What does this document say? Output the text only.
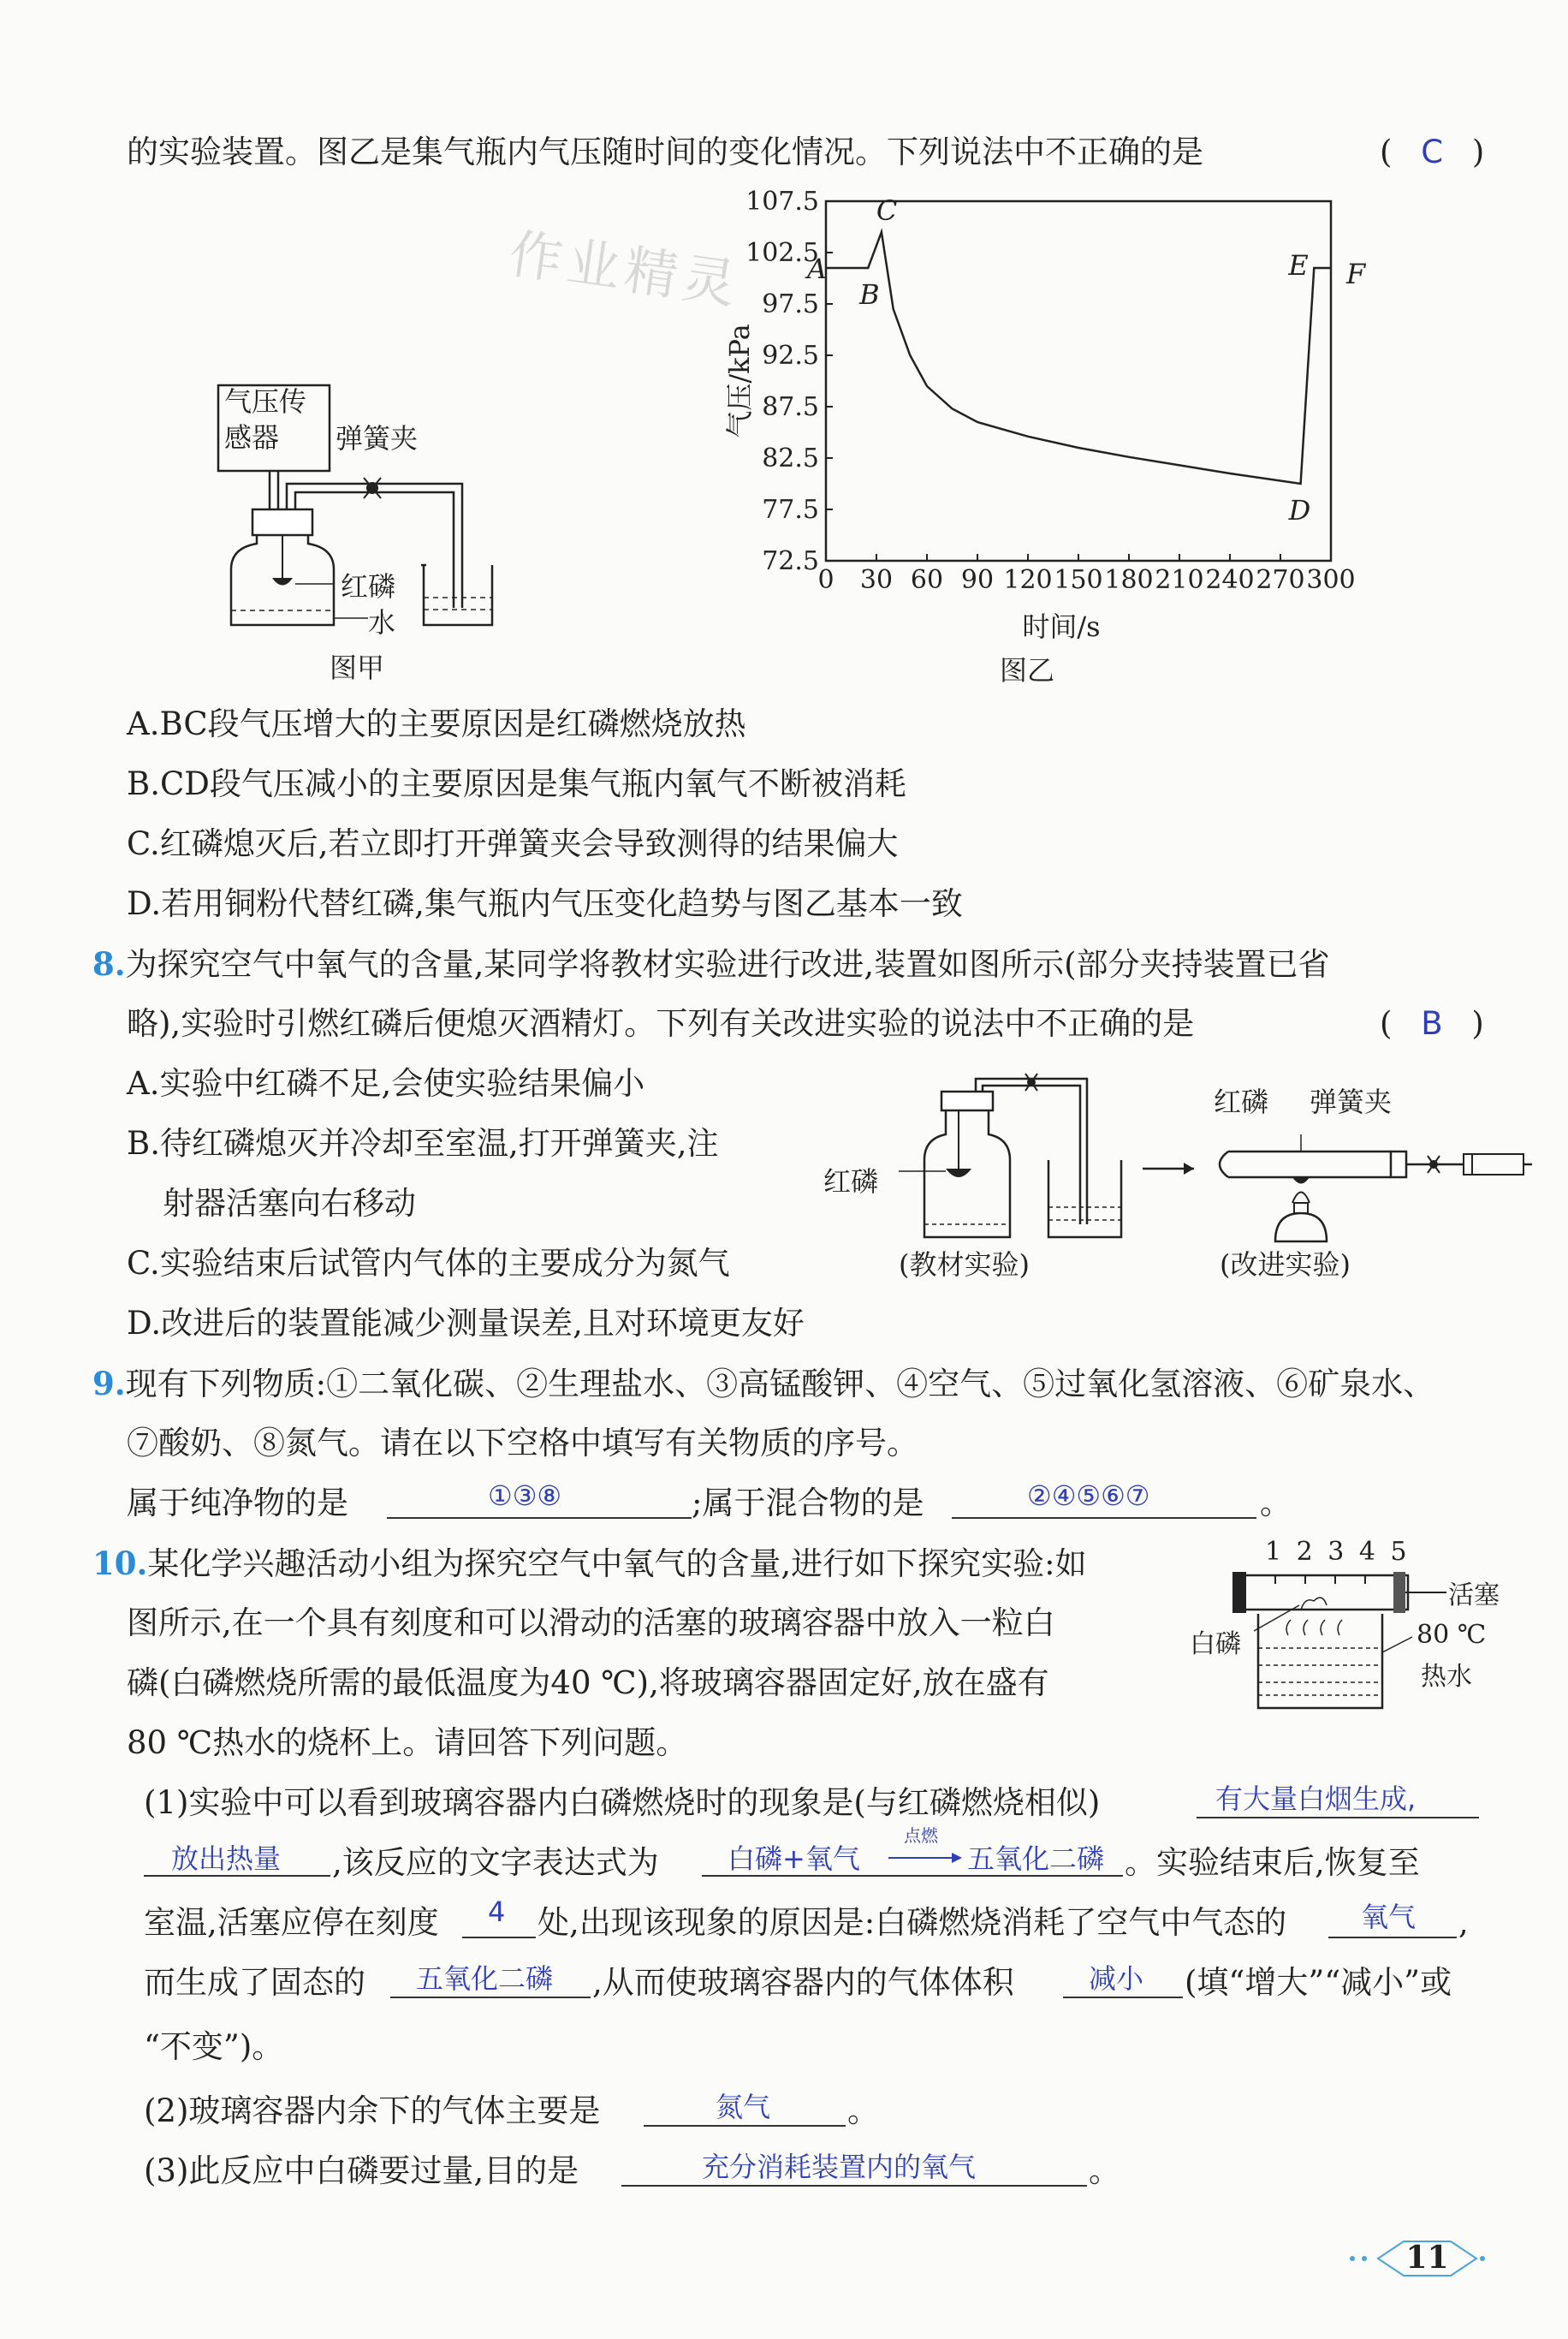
的实验装置。图乙是集气瓶内气压随时间的变化情况。下列说法中不正确的是	( C )
作业精灵
气压传
感器	弹簧夹
红磷
水
图甲
72.5
77.5
82.5
87.5
92.5
97.5
102.5
107.5
0 30 60 90 120 150 180 210 240 270 300
时间/s
气压/kPa
A
B
C
D
E F
图乙
A.BC段气压增大的主要原因是红磷燃烧放热
B.CD段气压减小的主要原因是集气瓶内氧气不断被消耗
C.红磷熄灭后,若立即打开弹簧夹会导致测得的结果偏大
D.若用铜粉代替红磷,集气瓶内气压变化趋势与图乙基本一致
8.为探究空气中氧气的含量,某同学将教材实验进行改进,装置如图所示(部分夹持装置已省
略),实验时引燃红磷后便熄灭酒精灯。下列有关改进实验的说法中不正确的是	( B )
A.实验中红磷不足,会使实验结果偏小
B.待红磷熄灭并冷却至室温,打开弹簧夹,注
射器活塞向右移动
C.实验结束后试管内气体的主要成分为氮气
D.改进后的装置能减少测量误差,且对环境更友好
红磷
红磷 弹簧夹
(教材实验)	(改进实验)
9.现有下列物质:①二氧化碳、②生理盐水、③高锰酸钾、④空气、⑤过氧化氢溶液、⑥矿泉水、
⑦酸奶、⑧氮气。请在以下空格中填写有关物质的序号。
属于纯净物的是	①③⑧	;属于混合物的是	②④⑤⑥⑦	。
10.某化学兴趣活动小组为探究空气中氧气的含量,进行如下探究实验:如
图所示,在一个具有刻度和可以滑动的活塞的玻璃容器中放入一粒白
磷(白磷燃烧所需的最低温度为40 ℃),将玻璃容器固定好,放在盛有
80 ℃热水的烧杯上。请回答下列问题。
1 2 3 4 5
活塞
白磷	80 ℃
热水
(1)实验中可以看到玻璃容器内白磷燃烧时的现象是(与红磷燃烧相似)	有大量白烟生成,
放出热量 ,该反应的文字表达式为	白磷+氧气
点燃
五氧化二磷 。实验结束后,恢复至
室温,活塞应停在刻度 4 处,出现该现象的原因是:白磷燃烧消耗了空气中气态的	氧气 ,
而生成了固态的 五氧化二磷 ,从而使玻璃容器内的气体体积	减小 (填“增大”“减小”或
“不变”)。
(2)玻璃容器内余下的气体主要是	氮气 。
(3)此反应中白磷要过量,目的是	充分消耗装置内的氧气	。
11
